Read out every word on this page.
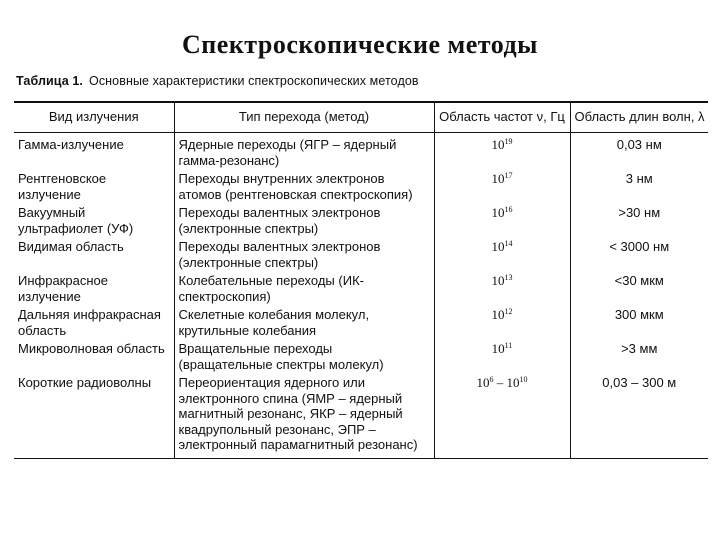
Спектроскопические методы
Таблица 1. Основные характеристики спектроскопических методов
Вид излучения	Тип перехода (метод)	Область частот ν, Гц	Область длин волн, λ
Гамма-излучение	Ядерные переходы (ЯГР – ядерный гамма-резонанс)	$10^{19}$	0,03 нм
Рентгеновское излучение	Переходы внутренних электронов атомов (рентгеновская спектроскопия)	$10^{17}$	3 нм
Вакуумный ультрафиолет (УФ)	Переходы валентных электронов (электронные спектры)	$10^{16}$	>30 нм
Видимая область	Переходы валентных электронов (электронные спектры)	$10^{14}$	< 3000 нм
Инфракрасное излучение	Колебательные переходы (ИК-спектроскопия)	$10^{13}$	<30 мкм
Дальняя инфракрасная область	Скелетные колебания молекул, крутильные колебания	$10^{12}$	300 мкм
Микроволновая область	Вращательные переходы (вращательные спектры молекул)	$10^{11}$	>3 мм
Короткие радиоволны	Переориентация ядерного или электронного спина (ЯМР – ядерный магнитный резонанс, ЯКР – ядерный квадрупольный резонанс, ЭПР – электронный парамагнитный резонанс)	$10^6 - 10^{10}$	0,03 – 300 м
